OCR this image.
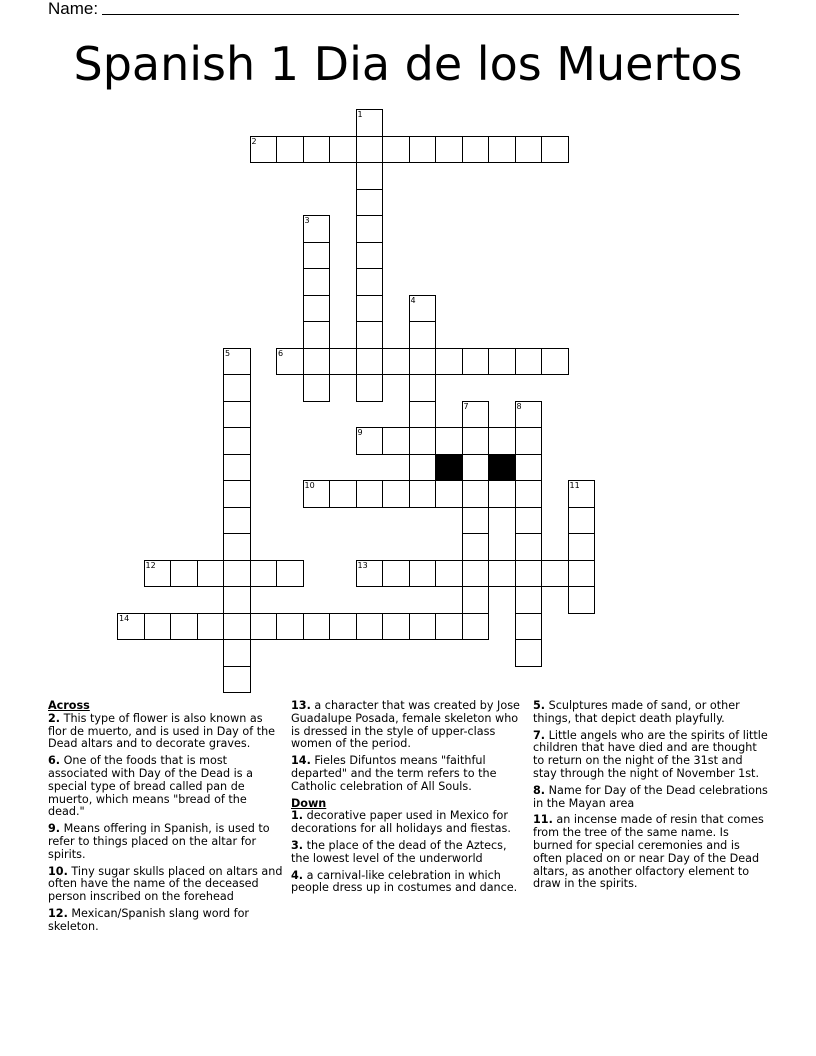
Name:
Spanish 1 Dia de los Muertos
2
6
9
10
12	13
14
1
3
4
5
7	8
11

Across

2. This type of flower is also known as flor de muerto, and is used in Day of the Dead altars and to decorate graves.

6. One of the foods that is most associated with Day of the Dead is a special type of bread called pan de muerto, which means "bread of the dead."

9. Means offering in Spanish, is used to refer to things placed on the altar for spirits.

10. Tiny sugar skulls placed on altars and often have the name of the deceased person inscribed on the forehead

12. Mexican/Spanish slang word for skeleton.

13. a character that was created by Jose Guadalupe Posada, female skeleton who is dressed in the style of upper-class women of the period.

14. Fieles Difuntos means "faithful departed" and the term refers to the Catholic celebration of All Souls.

Down

1. decorative paper used in Mexico for decorations for all holidays and fiestas.

3. the place of the dead of the Aztecs, the lowest level of the underworld

4. a carnival-like celebration in which people dress up in costumes and dance.

5. Sculptures made of sand, or other things, that depict death playfully.

7. Little angels who are the spirits of little children that have died and are thought to return on the night of the 31st and stay through the night of November 1st.

8. Name for Day of the Dead celebrations in the Mayan area

11. an incense made of resin that comes from the tree of the same name. Is burned for special ceremonies and is often placed on or near Day of the Dead altars, as another olfactory element to draw in the spirits.
